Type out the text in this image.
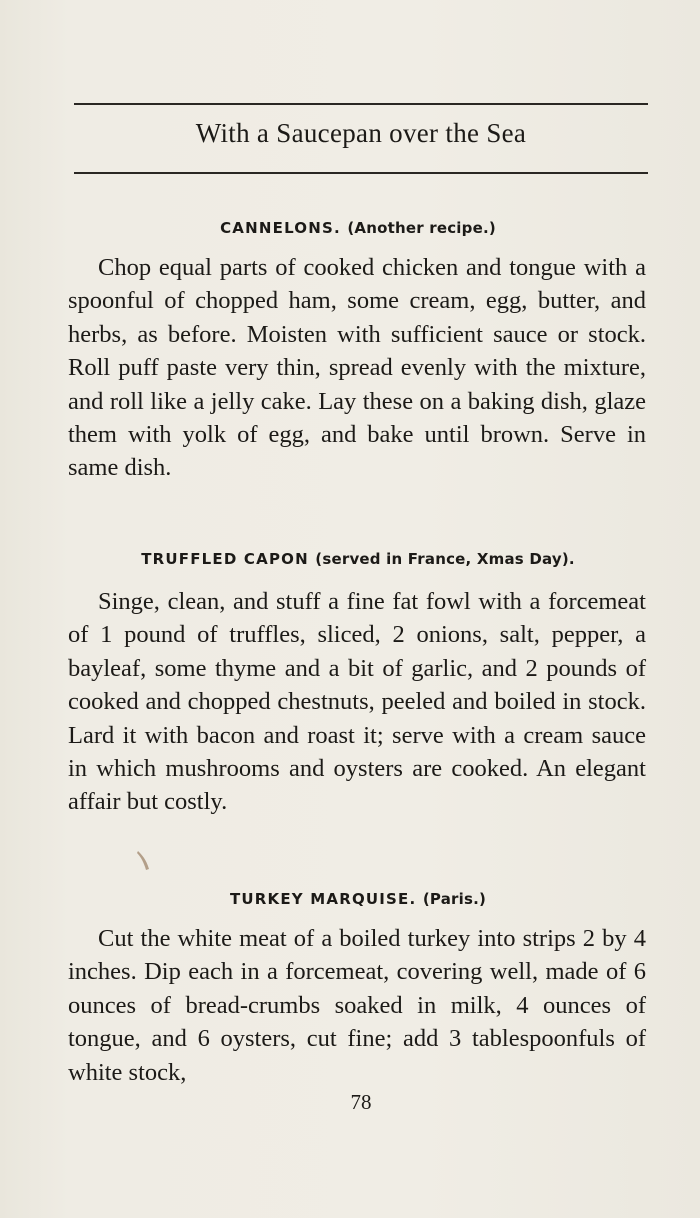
With a Saucepan over the Sea
CANNELONS. (Another recipe.)
Chop equal parts of cooked chicken and tongue with a spoonful of chopped ham, some cream, egg, butter, and herbs, as before. Moisten with sufficient sauce or stock. Roll puff paste very thin, spread evenly with the mixture, and roll like a jelly cake. Lay these on a baking dish, glaze them with yolk of egg, and bake until brown. Serve in same dish.
TRUFFLED CAPON (served in France, Xmas Day).
Singe, clean, and stuff a fine fat fowl with a forcemeat of 1 pound of truffles, sliced, 2 onions, salt, pepper, a bayleaf, some thyme and a bit of garlic, and 2 pounds of cooked and chopped chestnuts, peeled and boiled in stock. Lard it with bacon and roast it; serve with a cream sauce in which mushrooms and oysters are cooked. An elegant affair but costly.
TURKEY MARQUISE. (Paris.)
Cut the white meat of a boiled turkey into strips 2 by 4 inches. Dip each in a forcemeat, covering well, made of 6 ounces of bread-crumbs soaked in milk, 4 ounces of tongue, and 6 oysters, cut fine; add 3 tablespoonfuls of white stock,
78
